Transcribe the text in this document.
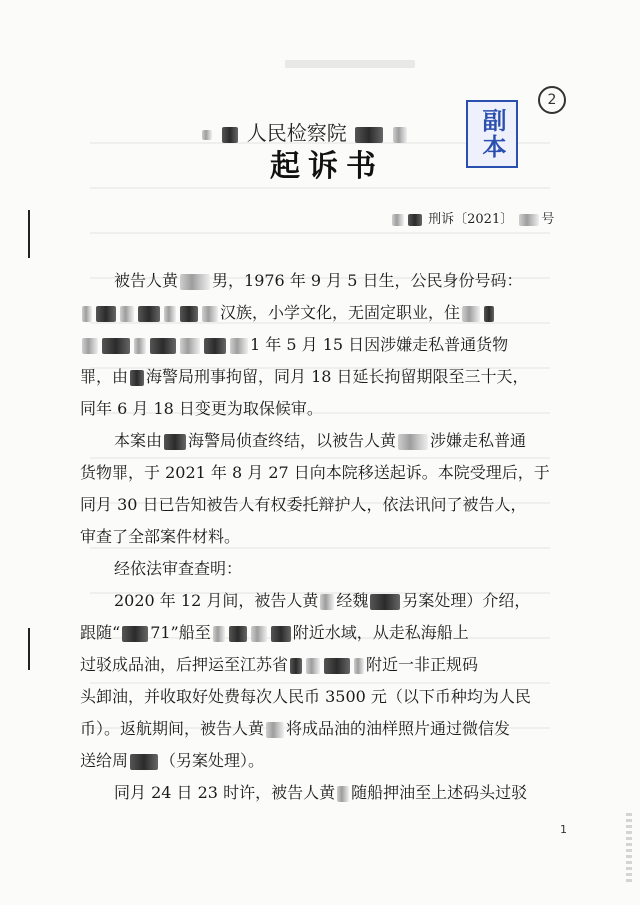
2
副本
人民检察院
起诉书
刑诉〔2021〕 号
被告人黄 男，1976 年 9 月 5 日生，公民身份号码：
汉族，小学文化，无固定职业，住
1 年 5 月 15 日因涉嫌走私普通货物
罪，由 海警局刑事拘留，同月 18 日延长拘留期限至三十天，
同年 6 月 18 日变更为取保候审。
本案由 海警局侦查终结，以被告人黄 涉嫌走私普通
货物罪，于 2021 年 8 月 27 日向本院移送起诉。本院受理后，于
同月 30 日已告知被告人有权委托辩护人，依法讯问了被告人，
审查了全部案件材料。
经依法审查查明：
2020 年 12 月间，被告人黄 经魏 另案处理）介绍，
跟随“ 71”船至	附近水域，从走私海船上
过驳成品油，后押运至江苏省	附近一非正规码
头卸油，并收取好处费每次人民币 3500 元（以下币种均为人民
币）。返航期间，被告人黄 将成品油的油样照片通过微信发
送给周 （另案处理）。
同月 24 日 23 时许，被告人黄 随船押油至上述码头过驳
1
